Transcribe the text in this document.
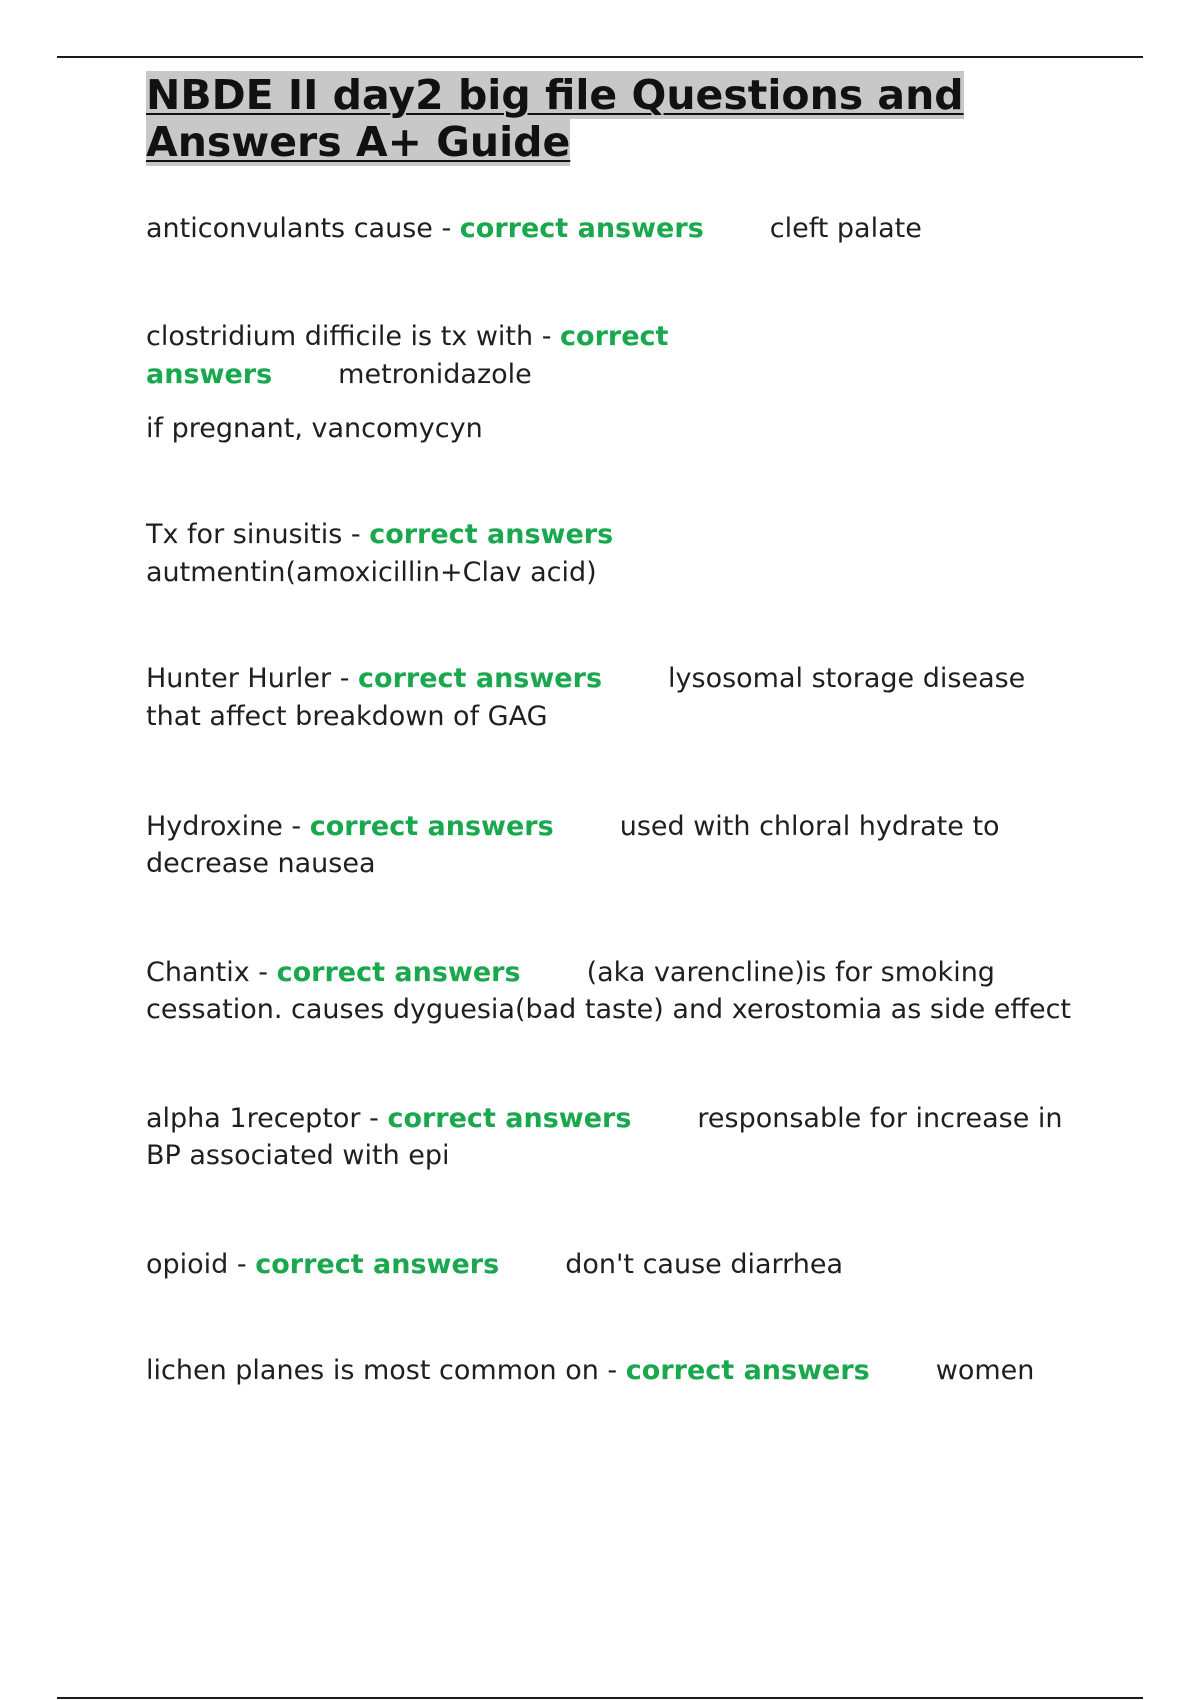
NBDE II day2 big file Questions and Answers A+ Guide

anticonvulants cause - correct answers cleft palate

clostridium difficile is tx with - correct answers metronidazole

if pregnant, vancomycyn

Tx for sinusitis - correct answersautmentin(amoxicillin+Clav acid)

Hunter Hurler - correct answers lysosomal storage disease that affect breakdown of GAG

Hydroxine - correct answers used with chloral hydrate to decrease nausea

Chantix - correct answers (aka varencline)is for smoking cessation. causes dyguesia(bad taste) and xerostomia as side effect

alpha 1receptor - correct answers responsable for increase in BP associated with epi

opioid - correct answers don't cause diarrhea

lichen planes is most common on - correct answers women
